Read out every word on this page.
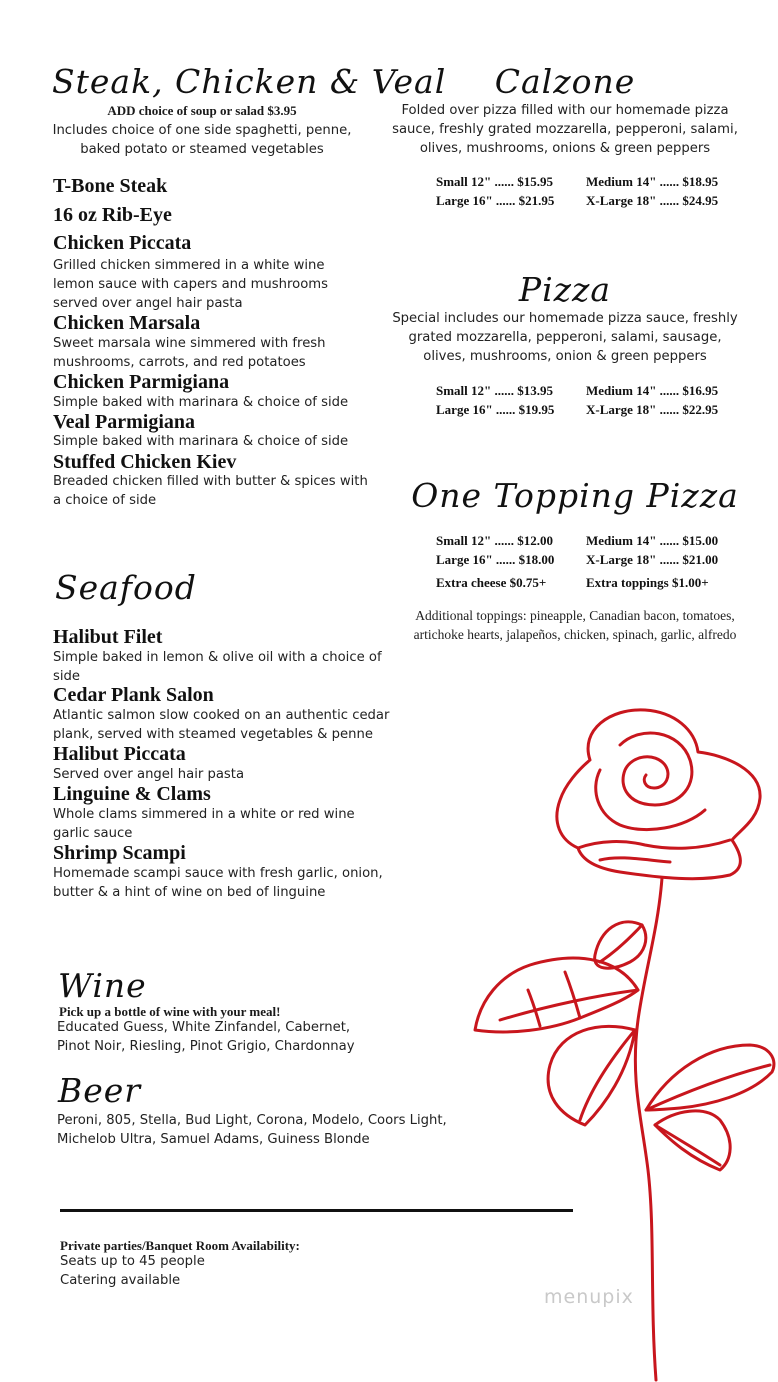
Steak, Chicken & Veal
ADD choice of soup or salad $3.95
Includes choice of one side spaghetti, penne, baked potato or steamed vegetables
T-Bone Steak
16 oz Rib-Eye
Chicken Piccata
Grilled chicken simmered in a white wine lemon sauce with capers and mushrooms served over angel hair pasta
Chicken Marsala
Sweet marsala wine simmered with fresh mushrooms, carrots, and red potatoes
Chicken Parmigiana
Simple baked with marinara & choice of side
Veal Parmigiana
Simple baked with marinara & choice of side
Stuffed Chicken Kiev
Breaded chicken filled with butter & spices with a choice of side
Calzone
Folded over pizza filled with our homemade pizza sauce, freshly grated mozzarella, pepperoni, salami, olives, mushrooms, onions & green peppers
Small 12" ...... $15.95	Medium 14" ...... $18.95
Large 16" ...... $21.95 X-Large 18" ...... $24.95
Pizza
Special includes our homemade pizza sauce, freshly grated mozzarella, pepperoni, salami, sausage, olives, mushrooms, onion & green peppers
Small 12" ...... $13.95	Medium 14" ...... $16.95
Large 16" ...... $19.95 X-Large 18" ...... $22.95
One Topping Pizza
Small 12" ...... $12.00	Medium 14" ...... $15.00
Large 16" ...... $18.00 X-Large 18" ...... $21.00
Extra cheese $0.75+	Extra toppings $1.00+
Additional toppings: pineapple, Canadian bacon, tomatoes, artichoke hearts, jalapeños, chicken, spinach, garlic, alfredo
Seafood
Halibut Filet
Simple baked in lemon & olive oil with a choice of side
Cedar Plank Salon
Atlantic salmon slow cooked on an authentic cedar plank, served with steamed vegetables & penne
Halibut Piccata
Served over angel hair pasta
Linguine & Clams
Whole clams simmered in a white or red wine garlic sauce
Shrimp Scampi
Homemade scampi sauce with fresh garlic, onion, butter & a hint of wine on bed of linguine
Wine
Pick up a bottle of wine with your meal!
Educated Guess, White Zinfandel, Cabernet, Pinot Noir, Riesling, Pinot Grigio, Chardonnay
Beer
Peroni, 805, Stella, Bud Light, Corona, Modelo, Coors Light, Michelob Ultra, Samuel Adams, Guiness Blonde
Private parties/Banquet Room Availability:
Seats up to 45 people
Catering available
menupix
